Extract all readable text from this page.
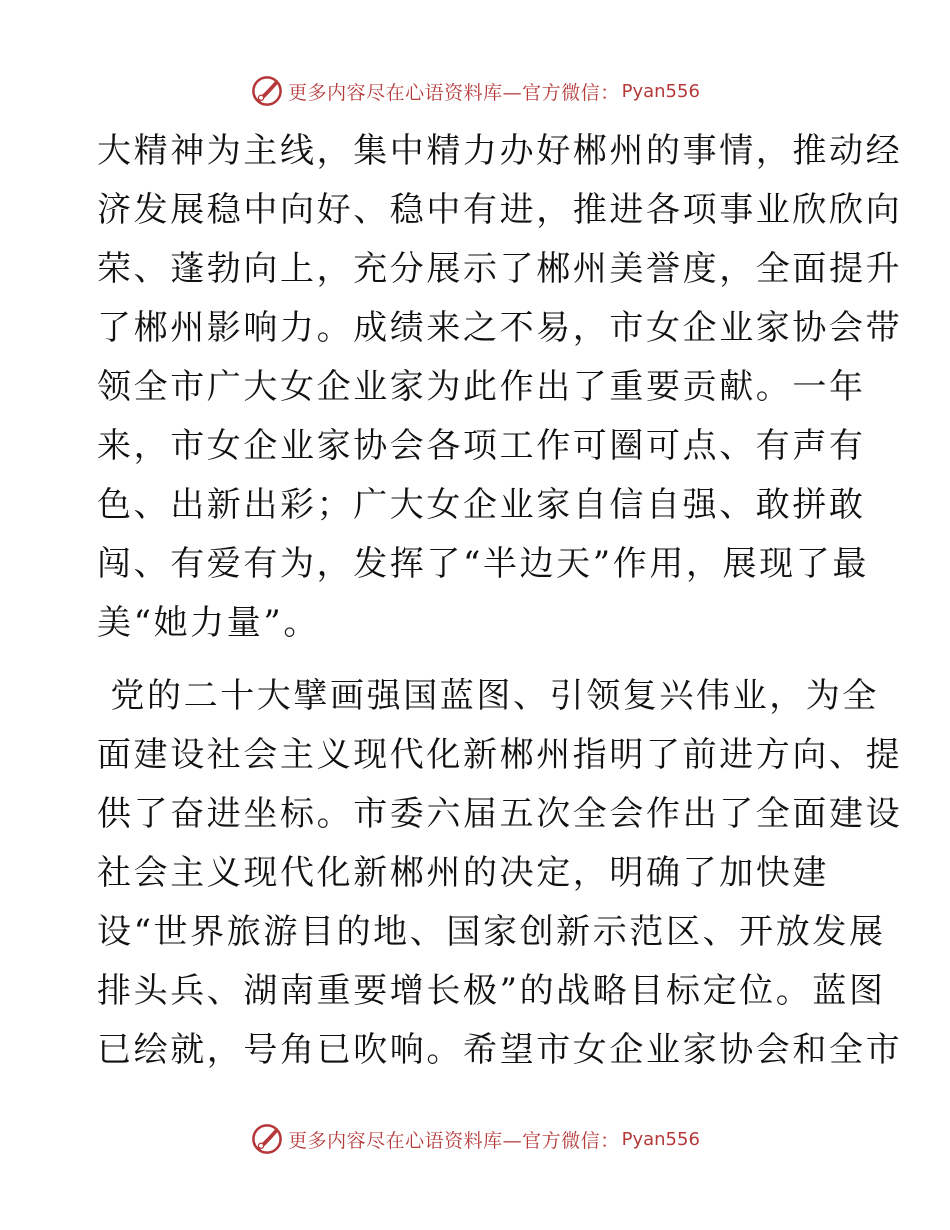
更多内容尽在心语资料库—官方微信： Pyan556
大精神为主线，集中精力办好郴州的事情，推动经
济发展稳中向好、稳中有进，推进各项事业欣欣向
荣、蓬勃向上，充分展示了郴州美誉度，全面提升
了郴州影响力。成绩来之不易，市女企业家协会带
领全市广大女企业家为此作出了重要贡献。一年
来，市女企业家协会各项工作可圈可点、有声有
色、出新出彩；广大女企业家自信自强、敢拼敢
闯、有爱有为，发挥了“半边天”作用，展现了最
美“她力量”。
党的二十大擘画强国蓝图、引领复兴伟业，为全
面建设社会主义现代化新郴州指明了前进方向、提
供了奋进坐标。市委六届五次全会作出了全面建设
社会主义现代化新郴州的决定，明确了加快建
设“世界旅游目的地、国家创新示范区、开放发展
排头兵、湖南重要增长极”的战略目标定位。蓝图
已绘就，号角已吹响。希望市女企业家协会和全市
更多内容尽在心语资料库—官方微信： Pyan556
